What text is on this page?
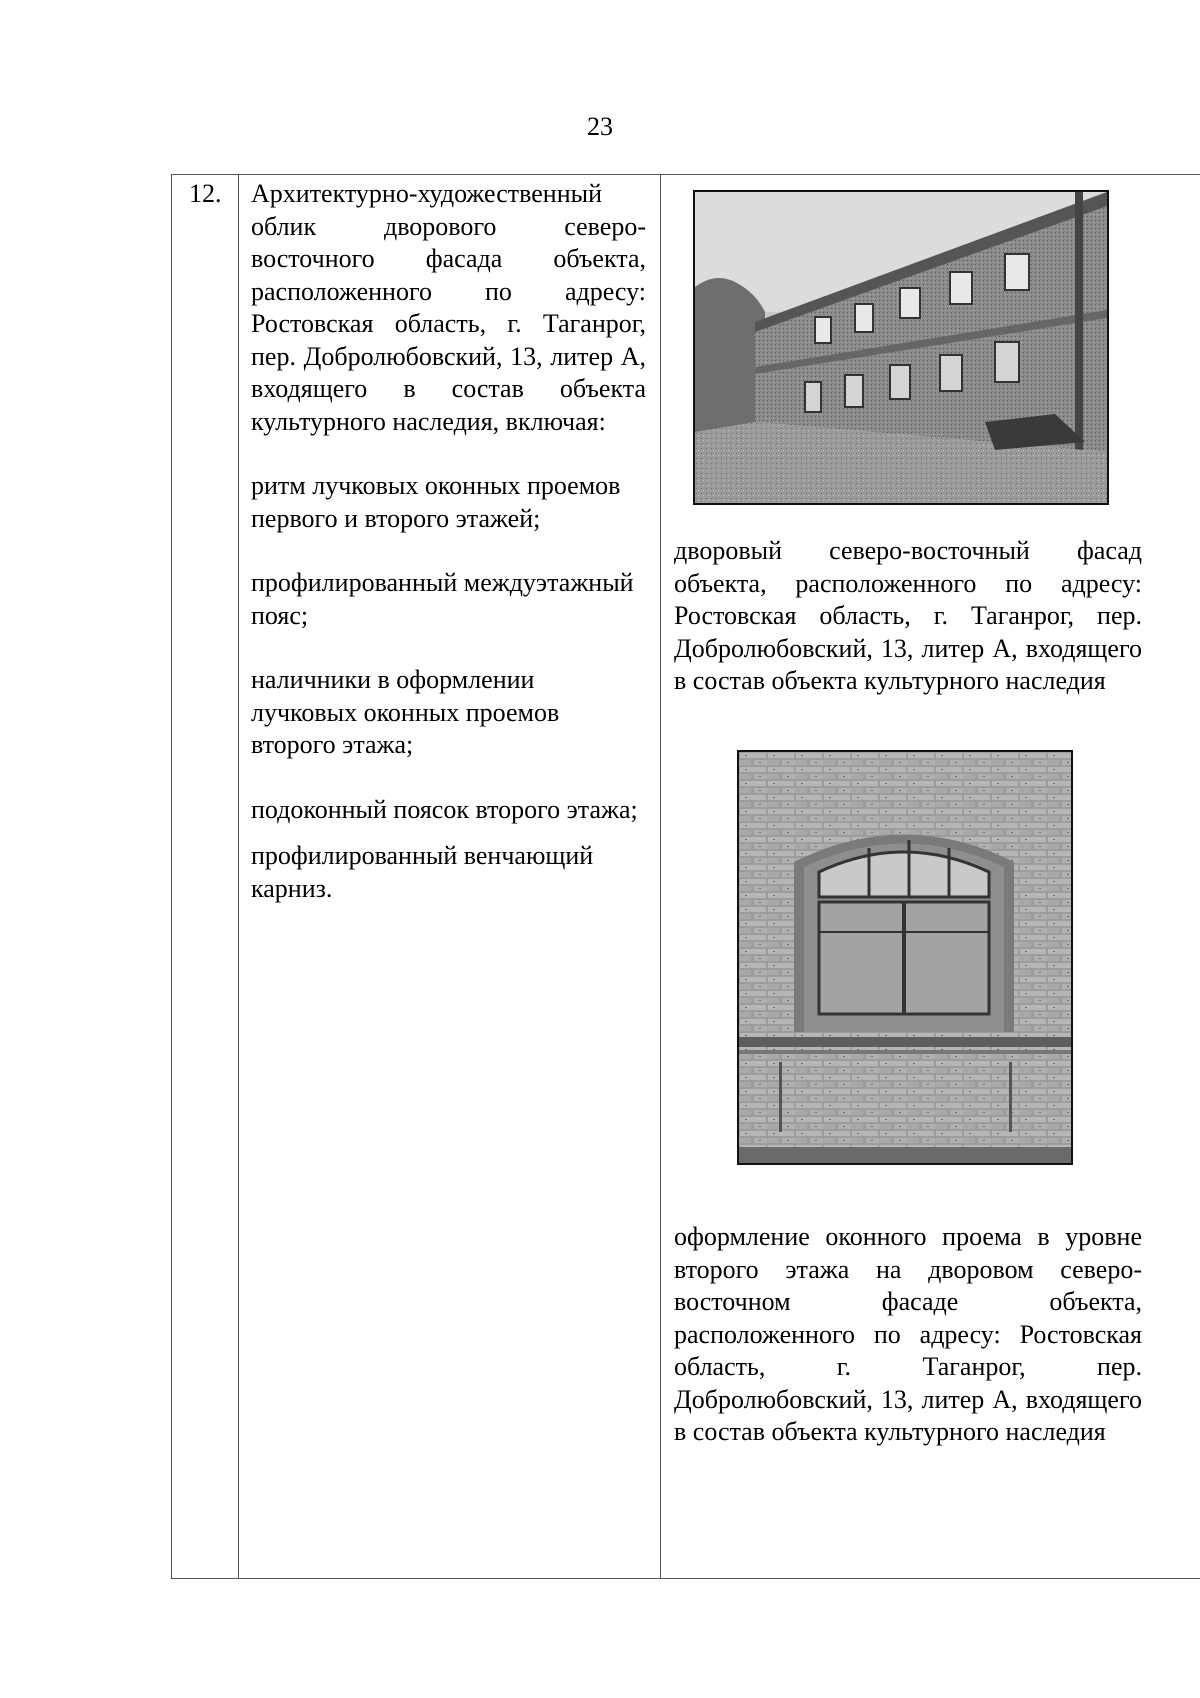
23
12. Архитектурно-художественный облик дворового северо-восточного фасада объекта, расположенного по адресу: Ростовская область, г. Таганрог, пер. Добролюбовский, 13, литер А, входящего в состав объекта культурного наследия, включая:

ритм лучковых оконных проемов первого и второго этажей;

профилированный междуэтажный пояс;

наличники в оформлении лучковых оконных проемов второго этажа;

подоконный поясок второго этажа;

профилированный венчающий карниз.

дворовый северо-восточный фасад объекта, расположенного по адресу: Ростовская область, г. Таганрог, пер. Добролюбовский, 13, литер А, входящего в состав объекта культурного наследия
оформление оконного проема в уровне второго этажа на дворовом северо-восточном фасаде объекта, расположенного по адресу: Ростовская область, г. Таганрог, пер. Добролюбовский, 13, литер А, входящего в состав объекта культурного наследия
